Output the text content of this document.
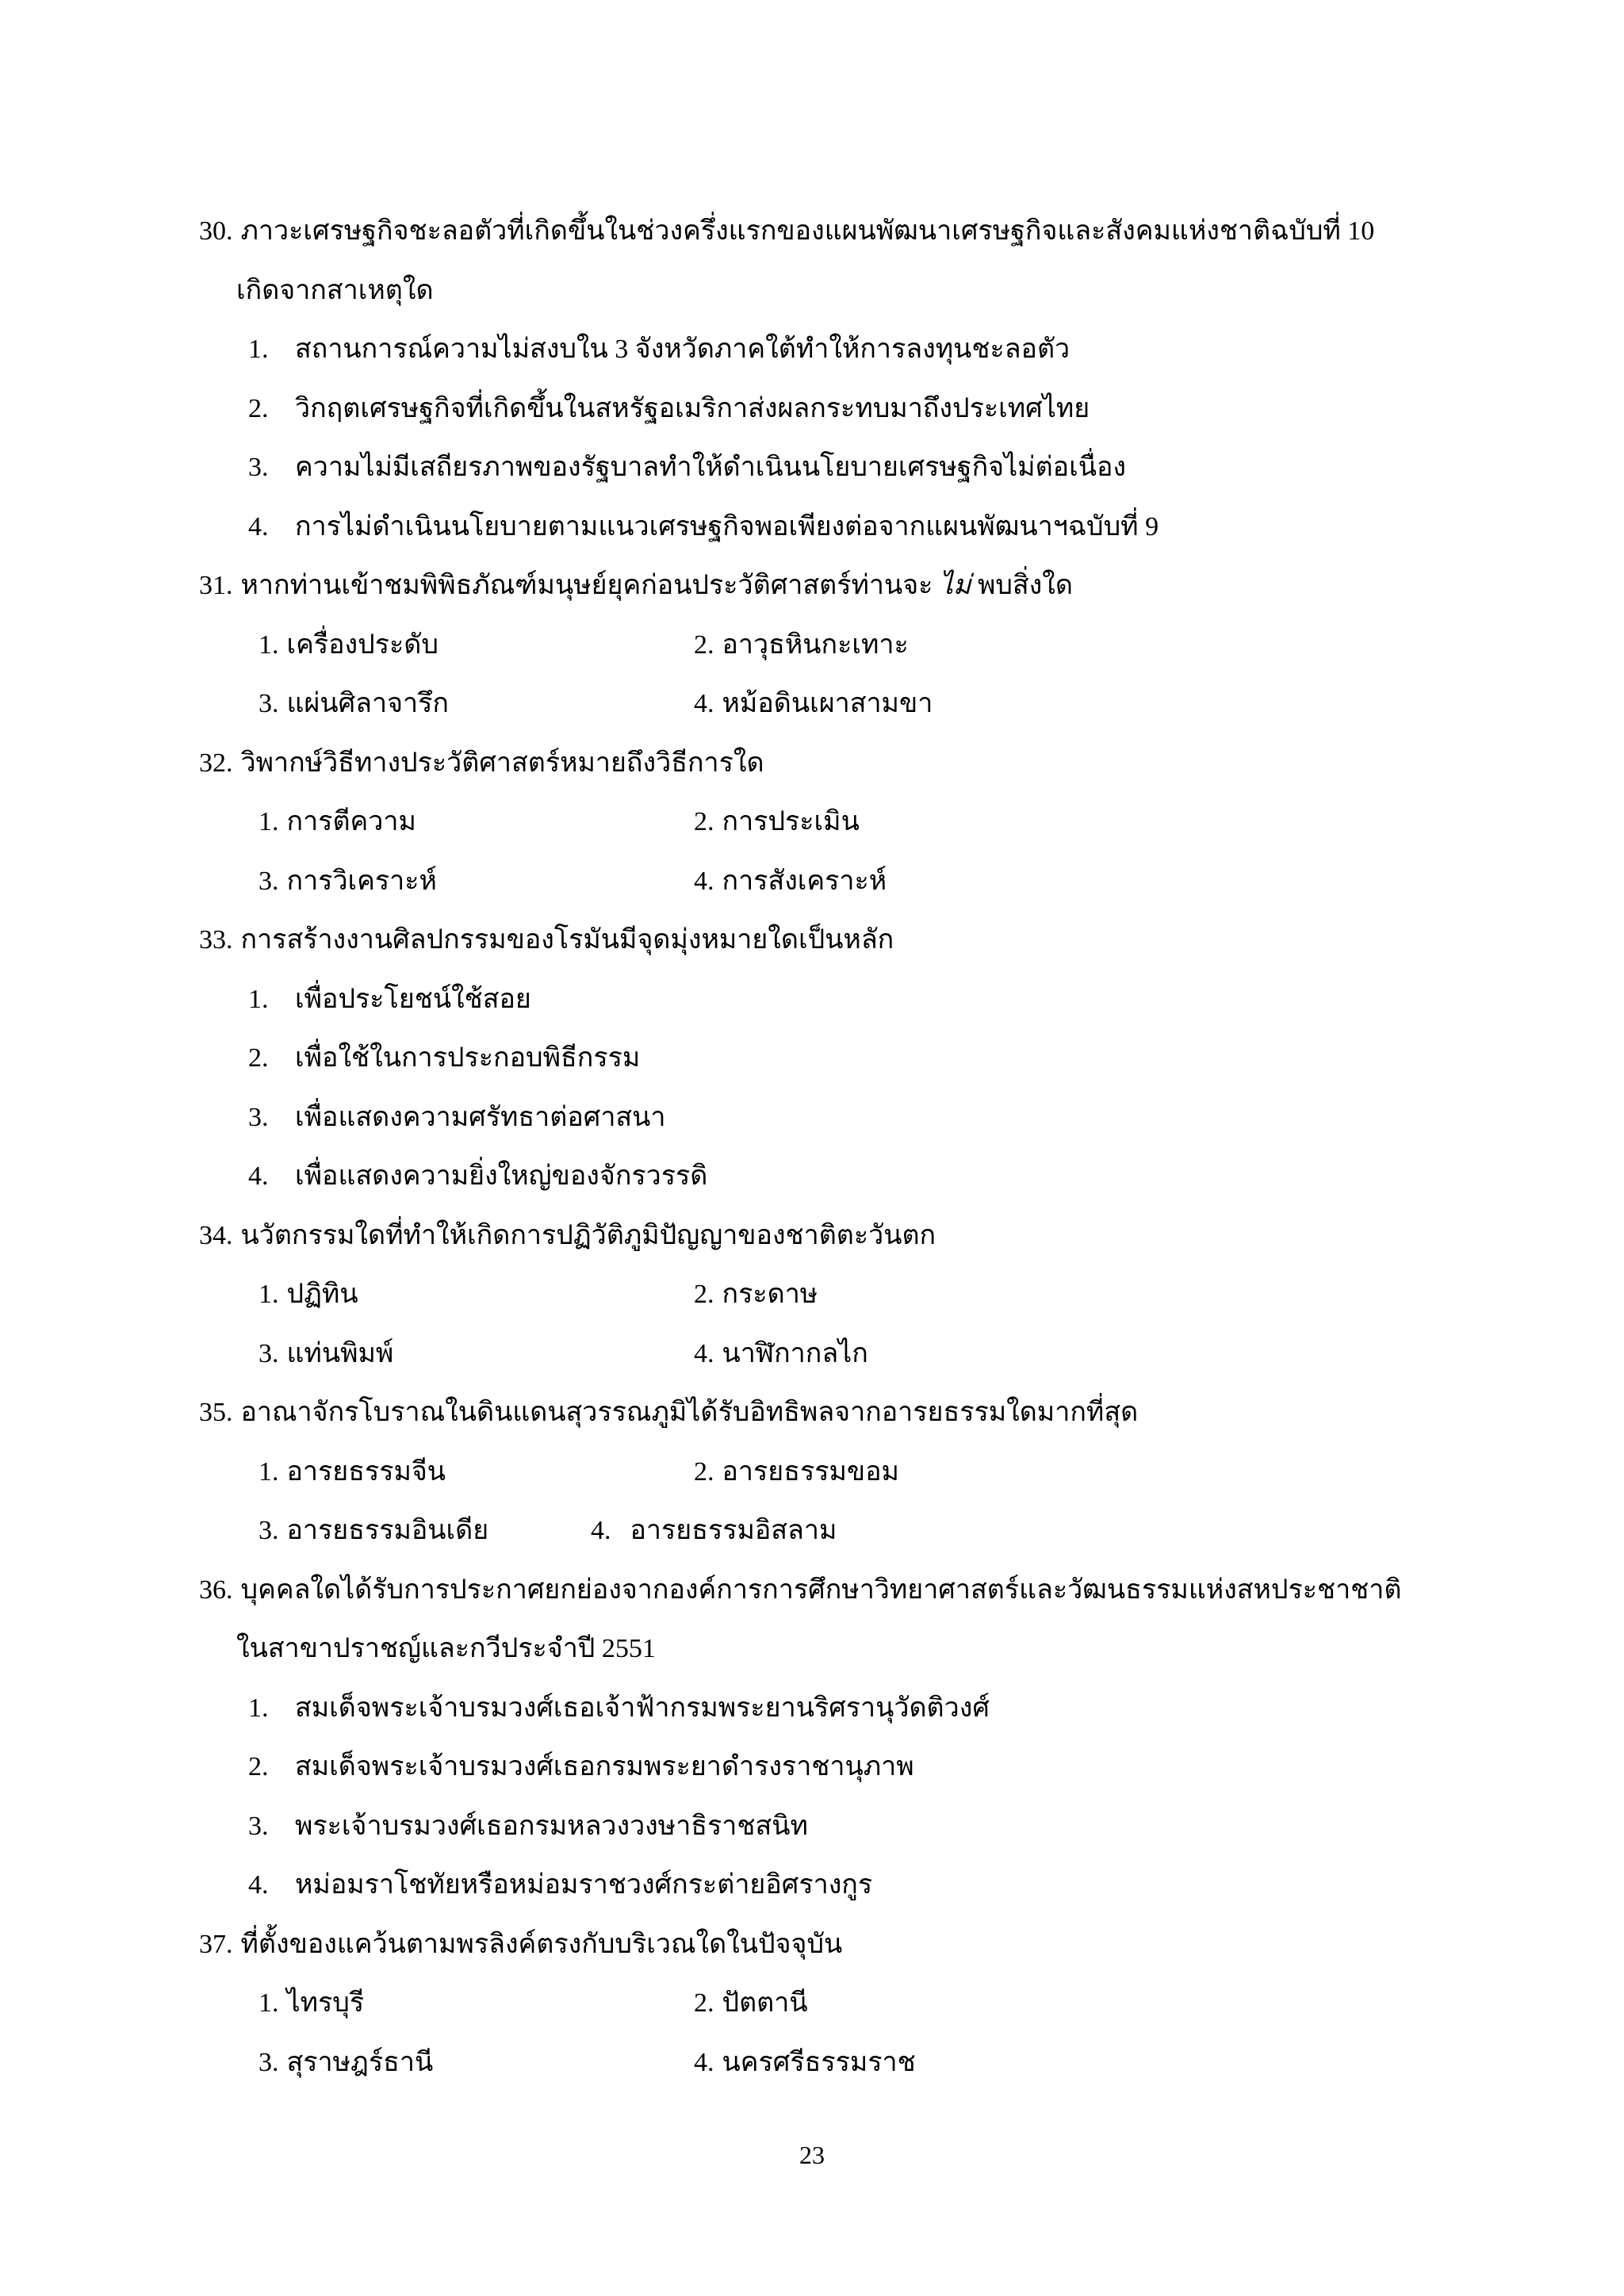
30. ภาวะเศรษฐกิจชะลอตัวที่เกิดขึ้นในช่วงครึ่งแรกของแผนพัฒนาเศรษฐกิจและสังคมแห่งชาติฉบับที่ 10
เกิดจากสาเหตุใด
1. สถานการณ์ความไม่สงบใน 3 จังหวัดภาคใต้ทำให้การลงทุนชะลอตัว
2. วิกฤตเศรษฐกิจที่เกิดขึ้นในสหรัฐอเมริกาส่งผลกระทบมาถึงประเทศไทย
3. ความไม่มีเสถียรภาพของรัฐบาลทำให้ดำเนินนโยบายเศรษฐกิจไม่ต่อเนื่อง
4. การไม่ดำเนินนโยบายตามแนวเศรษฐกิจพอเพียงต่อจากแผนพัฒนาฯฉบับที่ 9
31. หากท่านเข้าชมพิพิธภัณฑ์มนุษย์ยุคก่อนประวัติศาสตร์ท่านจะ ไม่ พบสิ่งใด
1. เครื่องประดับ	2. อาวุธหินกะเทาะ
3. แผ่นศิลาจารึก	4. หม้อดินเผาสามขา
32. วิพากษ์วิธีทางประวัติศาสตร์หมายถึงวิธีการใด
1. การตีความ	2. การประเมิน
3. การวิเคราะห์	4. การสังเคราะห์
33. การสร้างงานศิลปกรรมของโรมันมีจุดมุ่งหมายใดเป็นหลัก
1. เพื่อประโยชน์ใช้สอย
2. เพื่อใช้ในการประกอบพิธีกรรม
3. เพื่อแสดงความศรัทธาต่อศาสนา
4. เพื่อแสดงความยิ่งใหญ่ของจักรวรรดิ
34. นวัตกรรมใดที่ทำให้เกิดการปฏิวัติภูมิปัญญาของชาติตะวันตก
1. ปฏิทิน	2. กระดาษ
3. แท่นพิมพ์	4. นาฬิกากลไก
35. อาณาจักรโบราณในดินแดนสุวรรณภูมิได้รับอิทธิพลจากอารยธรรมใดมากที่สุด
1. อารยธรรมจีน	2. อารยธรรมขอม
3. อารยธรรมอินเดีย	4. อารยธรรมอิสลาม
36. บุคคลใดได้รับการประกาศยกย่องจากองค์การการศึกษาวิทยาศาสตร์และวัฒนธรรมแห่งสหประชาชาติ
ในสาขาปราชญ์และกวีประจำปี 2551
1. สมเด็จพระเจ้าบรมวงศ์เธอเจ้าฟ้ากรมพระยานริศรานุวัดติวงศ์
2. สมเด็จพระเจ้าบรมวงศ์เธอกรมพระยาดำรงราชานุภาพ
3. พระเจ้าบรมวงศ์เธอกรมหลวงวงษาธิราชสนิท
4. หม่อมราโชทัยหรือหม่อมราชวงศ์กระต่ายอิศรางกูร
37. ที่ตั้งของแคว้นตามพรลิงค์ตรงกับบริเวณใดในปัจจุบัน
1. ไทรบุรี	2. ปัตตานี
3. สุราษฎร์ธานี	4. นครศรีธรรมราช
23
